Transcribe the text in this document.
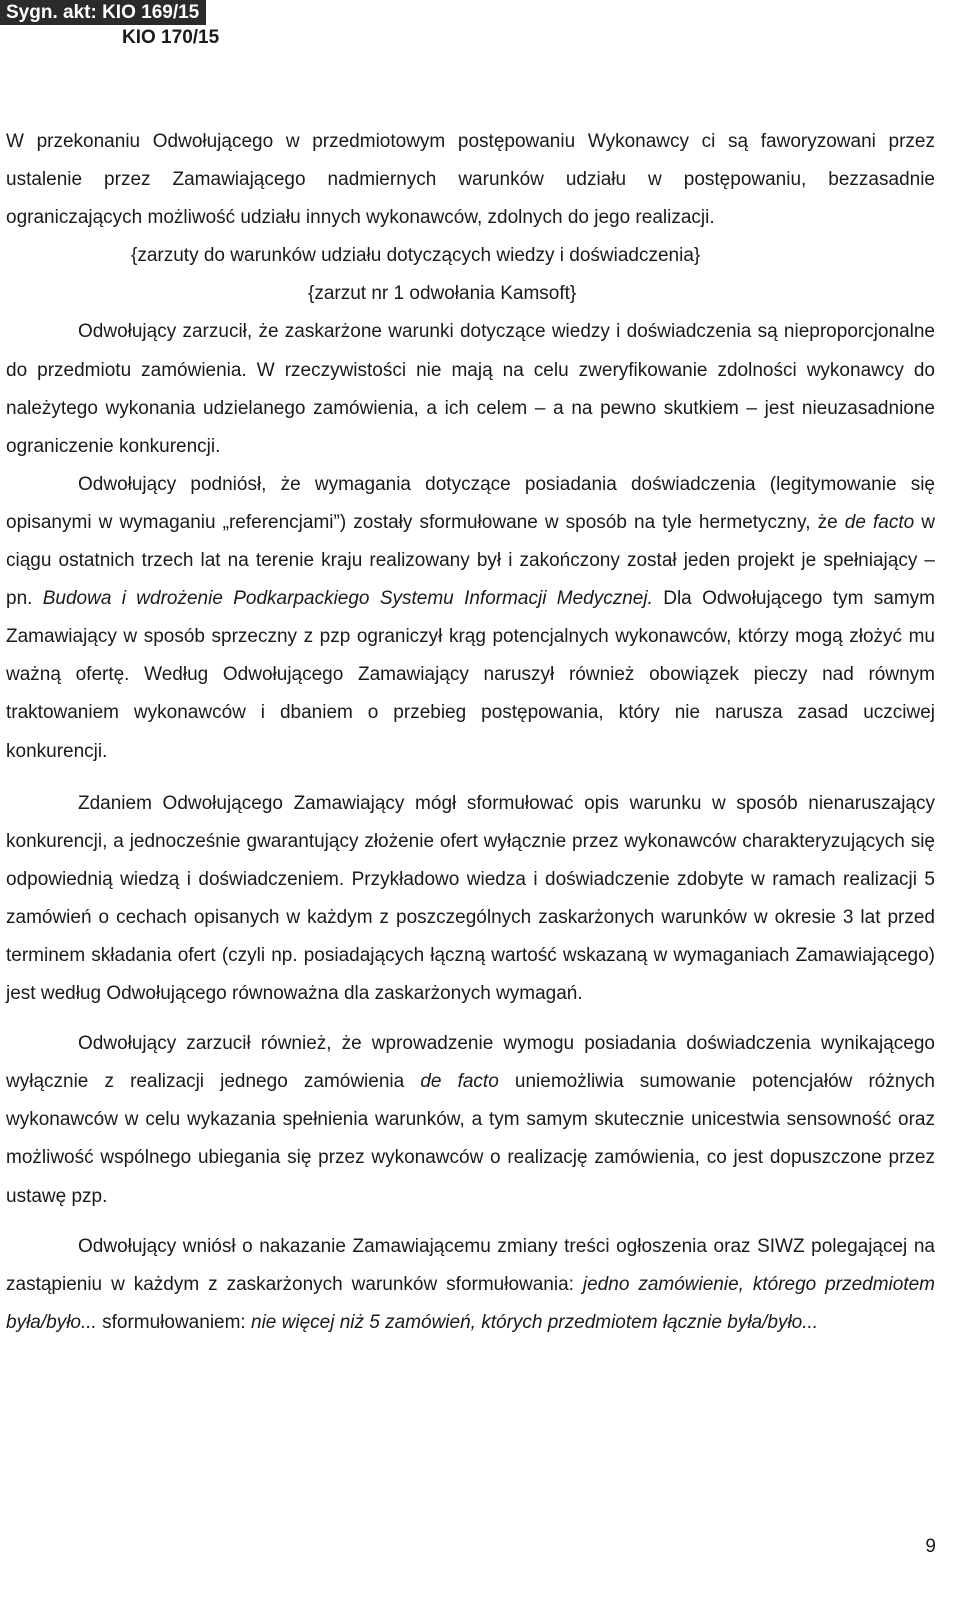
Sygn. akt: KIO 169/15
KIO 170/15

W przekonaniu Odwołującego w przedmiotowym postępowaniu Wykonawcy ci są faworyzowani przez ustalenie przez Zamawiającego nadmiernych warunków udziału w postępowaniu, bezzasadnie ograniczających możliwość udziału innych wykonawców, zdolnych do jego realizacji.

{zarzuty do warunków udziału dotyczących wiedzy i doświadczenia}

{zarzut nr 1 odwołania Kamsoft}

Odwołujący zarzucił, że zaskarżone warunki dotyczące wiedzy i doświadczenia są nieproporcjonalne do przedmiotu zamówienia. W rzeczywistości nie mają na celu zweryfikowanie zdolności wykonawcy do należytego wykonania udzielanego zamówienia, a ich celem – a na pewno skutkiem – jest nieuzasadnione ograniczenie konkurencji.

Odwołujący podniósł, że wymagania dotyczące posiadania doświadczenia (legitymowanie się opisanymi w wymaganiu „referencjami”) zostały sformułowane w sposób na tyle hermetyczny, że de facto w ciągu ostatnich trzech lat na terenie kraju realizowany był i zakończony został jeden projekt je spełniający – pn. Budowa i wdrożenie Podkarpackiego Systemu Informacji Medycznej. Dla Odwołującego tym samym Zamawiający w sposób sprzeczny z pzp ograniczył krąg potencjalnych wykonawców, którzy mogą złożyć mu ważną ofertę. Według Odwołującego Zamawiający naruszył również obowiązek pieczy nad równym traktowaniem wykonawców i dbaniem o przebieg postępowania, który nie narusza zasad uczciwej konkurencji.

Zdaniem Odwołującego Zamawiający mógł sformułować opis warunku w sposób nienaruszający konkurencji, a jednocześnie gwarantujący złożenie ofert wyłącznie przez wykonawców charakteryzujących się odpowiednią wiedzą i doświadczeniem. Przykładowo wiedza i doświadczenie zdobyte w ramach realizacji 5 zamówień o cechach opisanych w każdym z poszczególnych zaskarżonych warunków w okresie 3 lat przed terminem składania ofert (czyli np. posiadających łączną wartość wskazaną w wymaganiach Zamawiającego) jest według Odwołującego równoważna dla zaskarżonych wymagań.

Odwołujący zarzucił również, że wprowadzenie wymogu posiadania doświadczenia wynikającego wyłącznie z realizacji jednego zamówienia de facto uniemożliwia sumowanie potencjałów różnych wykonawców w celu wykazania spełnienia warunków, a tym samym skutecznie unicestwia sensowność oraz możliwość wspólnego ubiegania się przez wykonawców o realizację zamówienia, co jest dopuszczone przez ustawę pzp.

Odwołujący wniósł o nakazanie Zamawiającemu zmiany treści ogłoszenia oraz SIWZ polegającej na zastąpieniu w każdym z zaskarżonych warunków sformułowania: jedno zamówienie, którego przedmiotem była/było... sformułowaniem: nie więcej niż 5 zamówień, których przedmiotem łącznie była/było...

9
